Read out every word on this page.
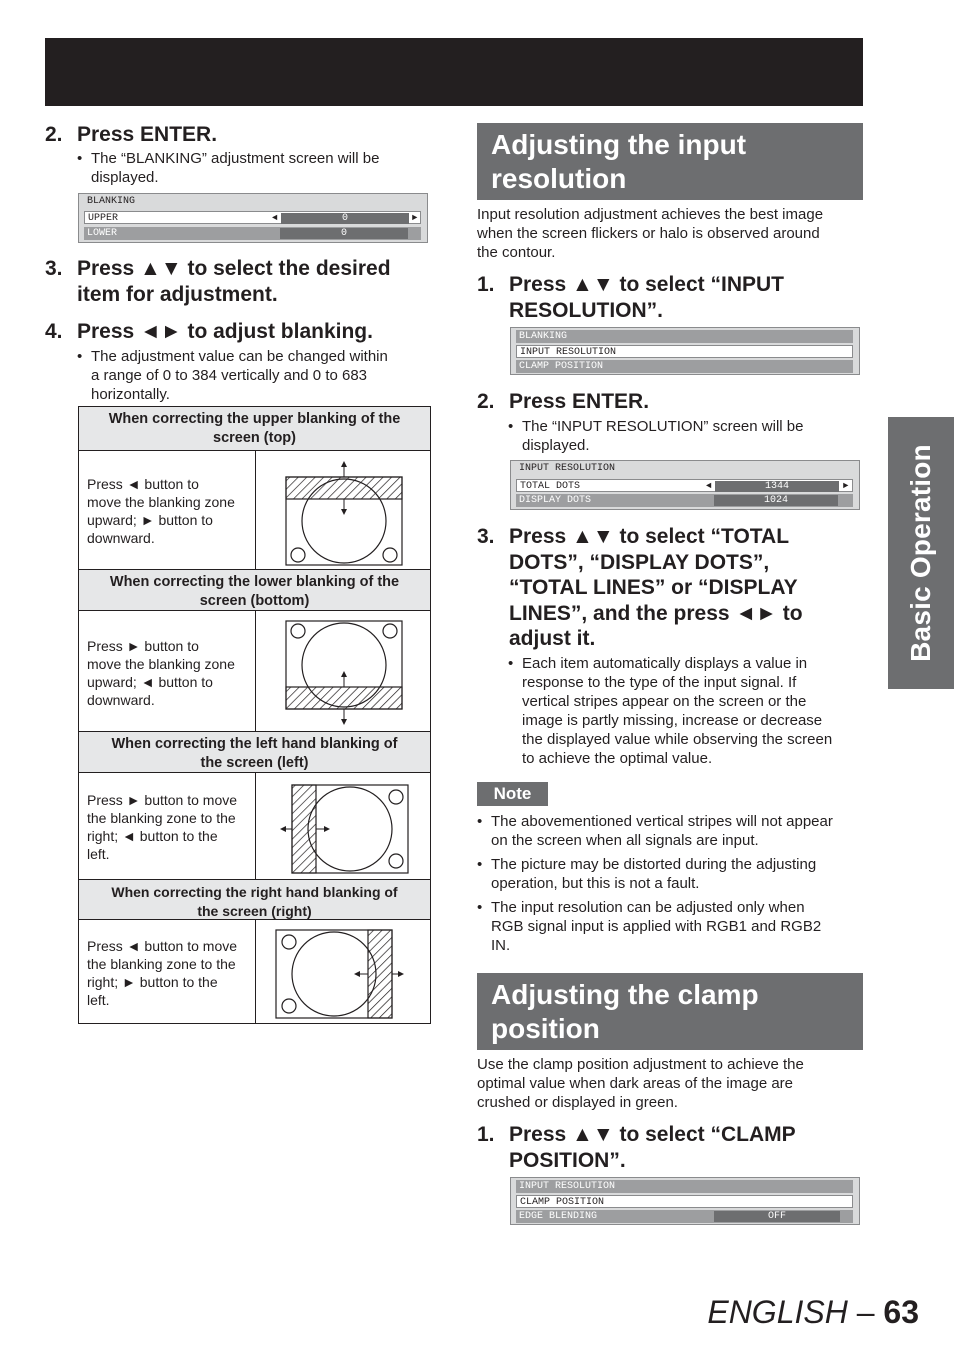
Basic Operation
2. Press ENTER.
• The “BLANKING” adjustment screen will be displayed.
BLANKING
UPPER	◄	0	►
LOWER	0
3. Press ▲▼ to select the desired
item for adjustment.
4. Press ◄► to adjust blanking.
• The adjustment value can be changed within
a range of 0 to 384 vertically and 0 to 683
horizontally.
When correcting the upper blanking of the
screen (top)
Press ◄ button to
move the blanking zone
upward; ► button to
downward.
When correcting the lower blanking of the
screen (bottom)
Press ► button to
move the blanking zone
upward; ◄ button to
downward.
When correcting the left hand blanking of
the screen (left)
Press ► button to move
the blanking zone to the
right; ◄ button to the
left.
When correcting the right hand blanking of
the screen (right)
Press ◄ button to move
the blanking zone to the
right; ► button to the
left.
Adjusting the input
resolution
Input resolution adjustment achieves the best image
when the screen flickers or halo is observed around
the contour.
1. Press ▲▼ to select “INPUT
RESOLUTION”.
BLANKING
INPUT RESOLUTION
CLAMP POSITION
2. Press ENTER.
• The “INPUT RESOLUTION” screen will be
displayed.
INPUT RESOLUTION
TOTAL DOTS	◄	1344	►
DISPLAY DOTS	1024
3. Press ▲▼ to select “TOTAL
DOTS”, “DISPLAY DOTS”,
“TOTAL LINES” or “DISPLAY
LINES”, and the press ◄► to
adjust it.
• Each item automatically displays a value in
response to the type of the input signal. If
vertical stripes appear on the screen or the
image is partly missing, increase or decrease
the displayed value while observing the screen
to achieve the optimal value.
Note
• The abovementioned vertical stripes will not appear
on the screen when all signals are input.
• The picture may be distorted during the adjusting
operation, but this is not a fault.
• The input resolution can be adjusted only when
RGB signal input is applied with RGB1 and RGB2
IN.
Adjusting the clamp
position
Use the clamp position adjustment to achieve the
optimal value when dark areas of the image are
crushed or displayed in green.
1. Press ▲▼ to select “CLAMP
POSITION”.
INPUT RESOLUTION
CLAMP POSITION
EDGE BLENDING	OFF
ENGLISH – 63
